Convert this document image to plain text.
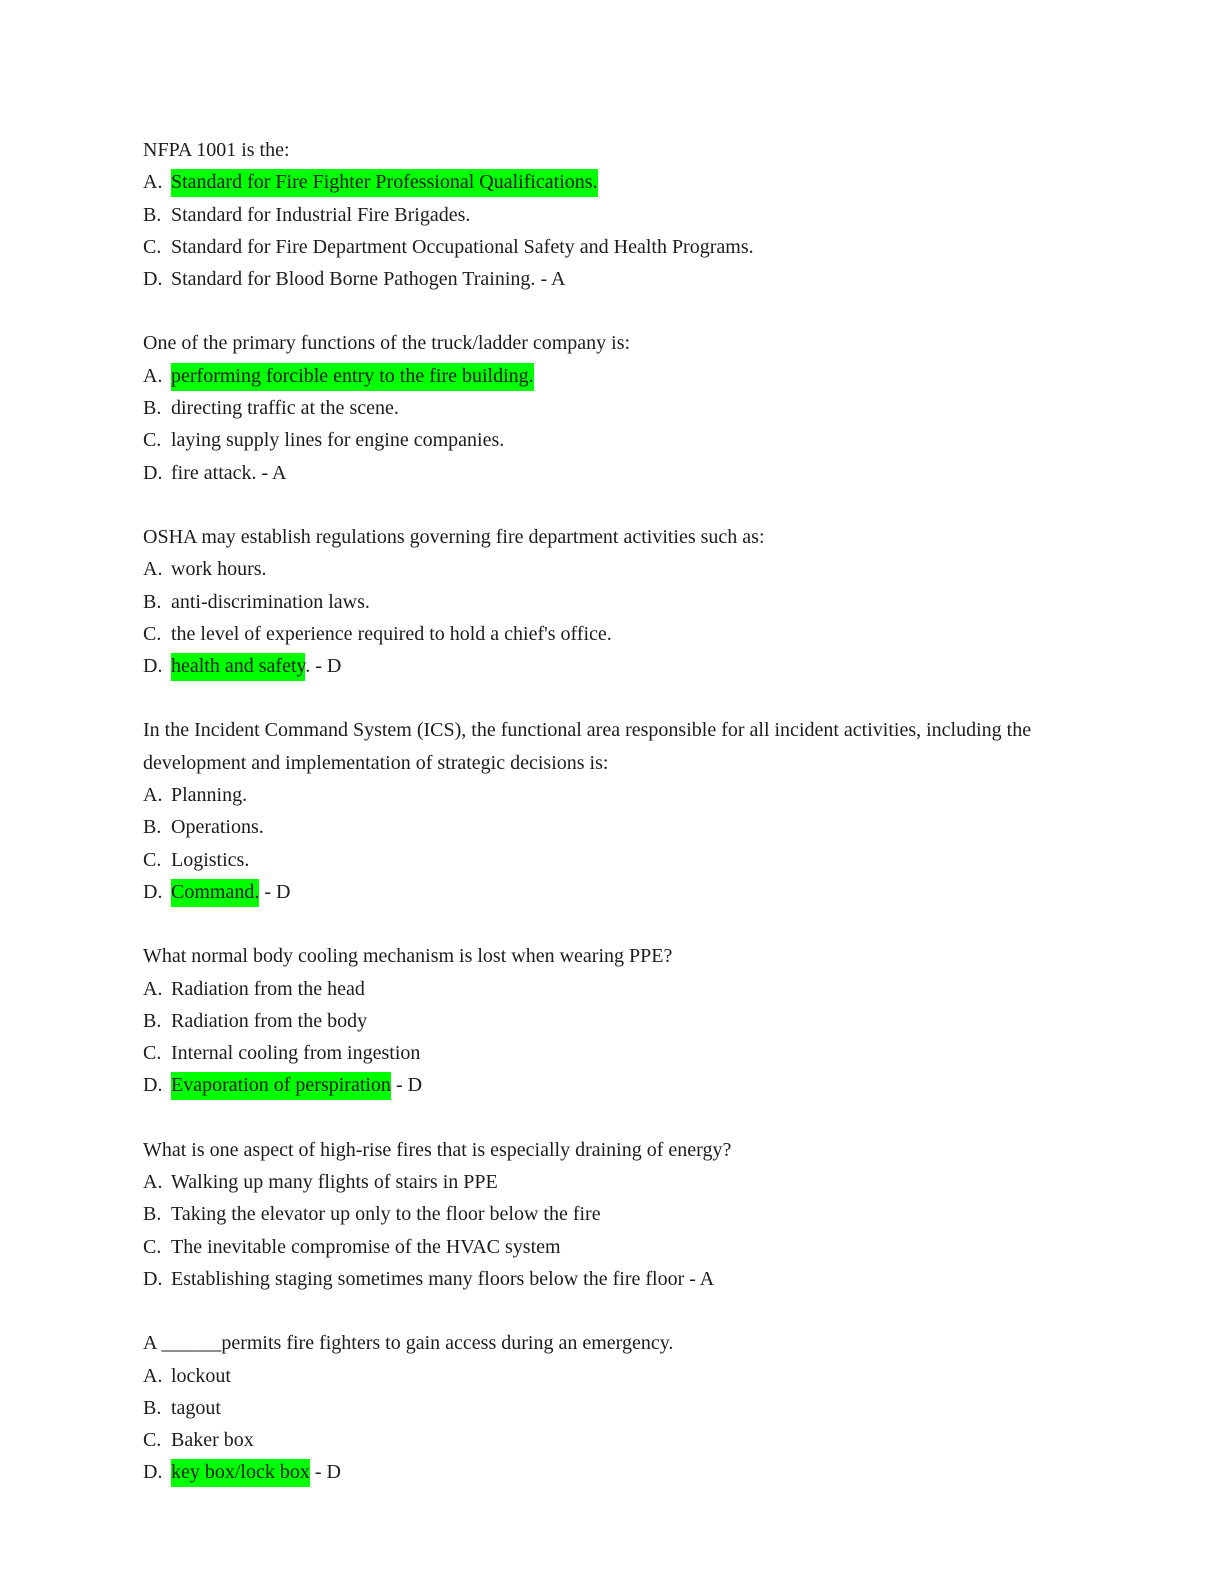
NFPA 1001 is the:

A. Standard for Fire Fighter Professional Qualifications.

B. Standard for Industrial Fire Brigades.

C. Standard for Fire Department Occupational Safety and Health Programs.

D. Standard for Blood Borne Pathogen Training. - A

One of the primary functions of the truck/ladder company is:

A. performing forcible entry to the fire building.

B. directing traffic at the scene.

C. laying supply lines for engine companies.

D. fire attack. - A

OSHA may establish regulations governing fire department activities such as:

A. work hours.

B. anti-discrimination laws.

C. the level of experience required to hold a chief's office.

D. health and safety. - D

In the Incident Command System (ICS), the functional area responsible for all incident activities, including the development and implementation of strategic decisions is:

A. Planning.

B. Operations.

C. Logistics.

D. Command. - D

What normal body cooling mechanism is lost when wearing PPE?

A. Radiation from the head

B. Radiation from the body

C. Internal cooling from ingestion

D. Evaporation of perspiration - D

What is one aspect of high-rise fires that is especially draining of energy?

A. Walking up many flights of stairs in PPE

B. Taking the elevator up only to the floor below the fire

C. The inevitable compromise of the HVAC system

D. Establishing staging sometimes many floors below the fire floor - A

A ______permits fire fighters to gain access during an emergency.

A. lockout

B. tagout

C. Baker box

D. key box/lock box - D
